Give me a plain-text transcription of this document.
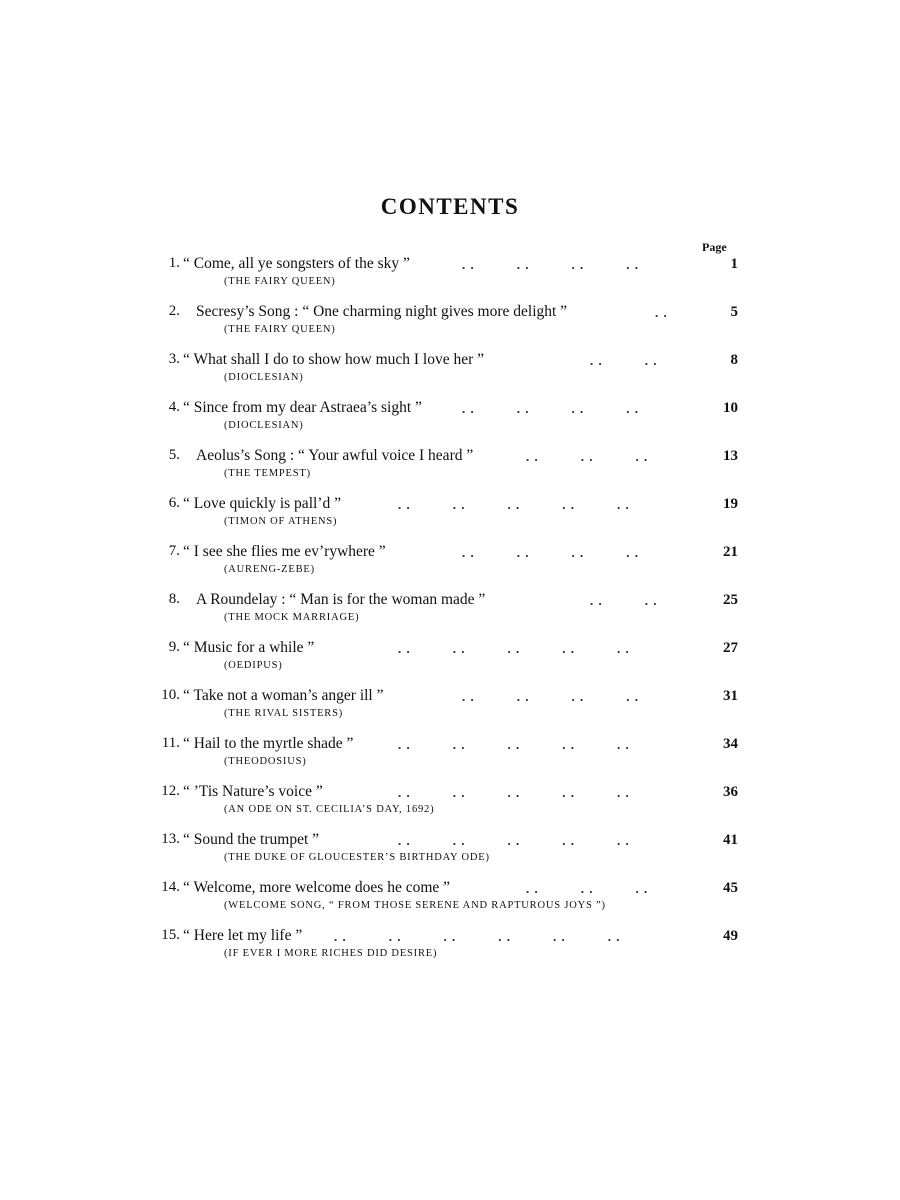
CONTENTS
Page
1. “ Come, all ye songsters of the sky ”	. .   . .   . .   . .	1
(THE FAIRY QUEEN)
2. Secresy’s Song : “ One charming night gives more delight ”	. .	5
(THE FAIRY QUEEN)
3. “ What shall I do to show how much I love her ”	. .   . .	8
(DIOCLESIAN)
4. “ Since from my dear Astraea’s sight ”	. .   . .   . .   . .	10
(DIOCLESIAN)
5. Aeolus’s Song : “ Your awful voice I heard ”	. .   . .   . .	13
(THE TEMPEST)
6. “ Love quickly is pall’d ”	. .   . .   . .   . .   . .	19
(TIMON OF ATHENS)
7. “ I see she flies me ev’rywhere ”	. .   . .   . .   . .	21
(AURENG-ZEBE)
8. A Roundelay : “ Man is for the woman made ”	. .   . .	25
(THE MOCK MARRIAGE)
9. “ Music for a while ”	. .   . .   . .   . .   . .	27
(OEDIPUS)
10. “ Take not a woman’s anger ill ”	. .   . .   . .   . .	31
(THE RIVAL SISTERS)
11. “ Hail to the myrtle shade ”	. .   . .   . .   . .   . .	34
(THEODOSIUS)
12. “ ’Tis Nature’s voice ”	. .   . .   . .   . .   . .	36
(AN ODE ON ST. CECILIA’S DAY, 1692)
13. “ Sound the trumpet ”	. .   . .   . .   . .   . .	41
(THE DUKE OF GLOUCESTER’S BIRTHDAY ODE)
14. “ Welcome, more welcome does he come ”	. .   . .   . .	45
(WELCOME SONG, “ FROM THOSE SERENE AND RAPTUROUS JOYS ”)
15. “ Here let my life ” . .   . .   . .   . .   . .   . .	49
(IF EVER I MORE RICHES DID DESIRE)
